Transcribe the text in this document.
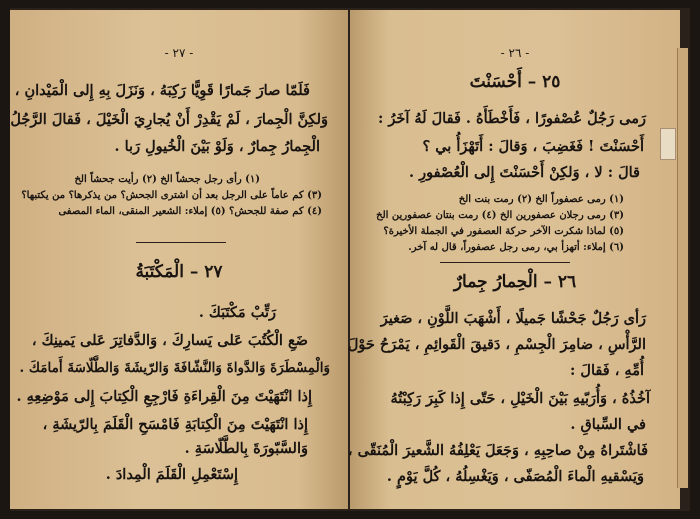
- ٢٧ -
فَلَمّا صارَ جَمارًا قَوِيًّا رَكِبَهُ ، وَنَزَلَ بِهِ إِلى الْمَيْدانِ ،
وَلكِنَّ الْجِمارَ ، لَمْ يَقْدِرْ أَنْ يُجارِيَ الْخَيْلَ ، فَقالَ الرَّجُلُ :
الْجِمارُ جِمارٌ ، وَلَوْ بَيْنَ الْخُيولِ رَبا .
(١) رأى رجل جحشاً الخ (٢) رأيت جحشاً الخ
(٣) كم عاماً على الرجل بعد أن اشترى الجحش؟ من يذكرها؟ من يكتبها؟
(٤) كم صفة للجحش؟ (٥) إملاء: الشعير المنقى، الماء المصفى
٢٧ – الْمَكْتَبَةُ
رَتِّبْ مَكْتَبَكَ .
ضَعِ الْكُتُبَ عَلى يَسارِكَ ، وَالدَّفاتِرَ عَلى يَمينِكَ ،
وَالْمِسْطَرَةَ وَالدَّواةَ وَالنَّشّافَةَ وَالرّيشَةَ وَالطَّلّاسَةَ أَمامَكَ .
إِذا انْتَهَيْتَ مِنَ الْقِراءَةِ فَارْجِعِ الْكِتابَ إِلى مَوْضِعِهِ .
إِذا انْتَهَيْتَ مِنَ الْكِتابَةِ فَامْسَحِ الْقَلَمَ بِالرّيشَةِ ،
وَالسَّبّورَةَ بِالطَّلّاسَةِ .
إِسْتَعْمِلِ الْقَلَمَ الْمِدادَ .
- ٢٦ -
٢٥ – أَحْسَنْتَ
رَمى رَجُلٌ عُصْفورًا ، فَأَخْطَأَهُ . فَقالَ لَهُ آخَرُ :
أَحْسَنْتَ ! فَغَضِبَ ، وَقالَ : أَتَهْزَأُ بي ؟
قالَ : لا ، وَلكِنْ أَحْسَنْتَ إِلى الْعُصْفورِ .
(١) رمى عصفوراً الخ (٢) رمت بنت الخ
(٣) رمى رجلان عصفورين الخ (٤) رمت بنتان عصفورين الخ
(٥) لماذا شكرت الآخر حركة العصفور في الجملة الأخيرة؟
(٦) إملاء: أتهزأ بي، رمى رجل عصفوراً، قال له آخر.
٢٦ – الْحِمارُ جِمارٌ
رَأى رَجُلٌ جَحْشًا جَميلًا ، أَشْهَبَ اللَّوْنِ ، صَغيرَ
الرَّأْسِ ، ضامِرَ الْجِسْمِ ، دَقيقَ الْقَوائِمِ ، يَمْرَحُ حَوْلَ
أُمِّهِ ، فَقالَ :
آخُذُهُ ، وَأُرَبّيهِ بَيْنَ الْخَيْلِ ، حَتّى إِذا كَبِرَ رَكِبْتُهُ
في السِّباقِ .
فَاشْتَراهُ مِنْ صاحِبِهِ ، وَجَعَلَ يَعْلِفُهُ الشَّعيرَ الْمُنَقّى ،
وَيَسْقيهِ الْماءَ الْمُصَفّى ، وَيَغْسِلُهُ ، كُلَّ يَوْمٍ .
